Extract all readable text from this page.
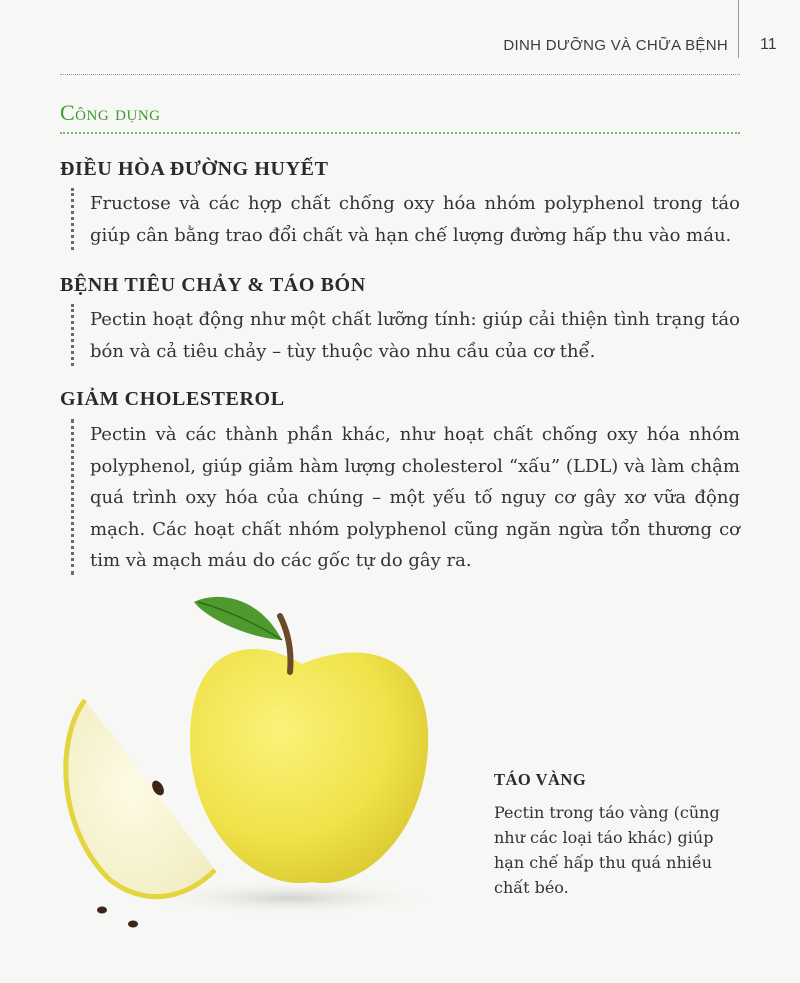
DINH DƯỠNG VÀ CHỮA BỆNH 11
Công dụng
ĐIỀU HÒA ĐƯỜNG HUYẾT
Fructose và các hợp chất chống oxy hóa nhóm polyphenol trong táo giúp cân bằng trao đổi chất và hạn chế lượng đường hấp thu vào máu.
BỆNH TIÊU CHẢY & TÁO BÓN
Pectin hoạt động như một chất lưỡng tính: giúp cải thiện tình trạng táo bón và cả tiêu chảy – tùy thuộc vào nhu cầu của cơ thể.
GIẢM CHOLESTEROL
Pectin và các thành phần khác, như hoạt chất chống oxy hóa nhóm polyphenol, giúp giảm hàm lượng cholesterol “xấu” (LDL) và làm chậm quá trình oxy hóa của chúng – một yếu tố nguy cơ gây xơ vữa động mạch. Các hoạt chất nhóm polyphenol cũng ngăn ngừa tổn thương cơ tim và mạch máu do các gốc tự do gây ra.
TÁO VÀNG
Pectin trong táo vàng (cũng như các loại táo khác) giúp hạn chế hấp thu quá nhiều chất béo.
